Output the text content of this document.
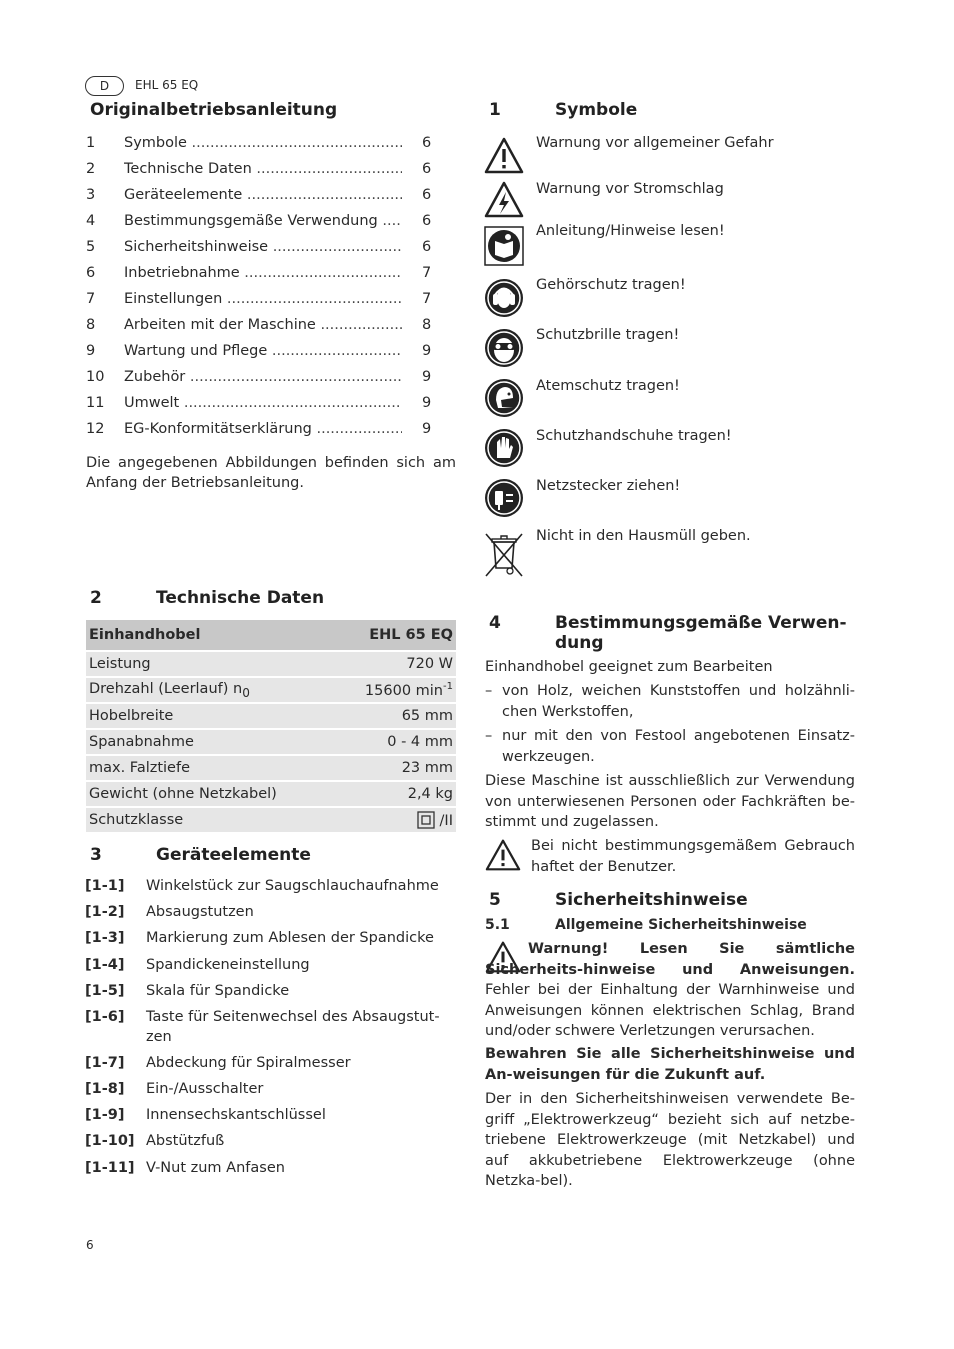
D	EHL 65 EQ
Originalbetriebsanleitung
1 Symbole .....	6
2 Technische Daten .....	6
3 Geräteelemente .....	6
4 Bestimmungsgemäße Verwendung .....	6
5 Sicherheitshinweise .....	6
6 Inbetriebnahme .....	7
7 Einstellungen .....	7
8 Arbeiten mit der Maschine .....	8
9 Wartung und Pflege .....	9
10 Zubehör .....	9
11 Umwelt .....	9
12 EG-Konformitätserklärung .....	9
Die angegebenen Abbildungen befinden sich am Anfang der Betriebsanleitung.
2	Technische Daten
Einhandhobel	EHL 65 EQ
Leistung	720 W
Drehzahl (Leerlauf) $n_0$	15600 $\min^{-1}$
Hobelbreite	65 mm
Spanabnahme	0 - 4 mm
max. Falztiefe	23 mm
Gewicht (ohne Netzkabel)	2,4 kg
Schutzklasse	/II
3	Geräteelemente
[1-1] Winkelstück zur Saugschlauchaufnahme
[1-2] Absaugstutzen
[1-3] Markierung zum Ablesen der Spandicke
[1-4] Spandickeneinstellung
[1-5] Skala für Spandicke
[1-6] Taste für Seitenwechsel des Absaugstut-zen
[1-7] Abdeckung für Spiralmesser
[1-8] Ein-/Ausschalter
[1-9] Innensechskantschlüssel
[1-10] Abstützfuß
[1-11] V-Nut zum Anfasen
1	Symbole
Warnung vor allgemeiner Gefahr
Warnung vor Stromschlag
Anleitung/Hinweise lesen!
Gehörschutz tragen!
Schutzbrille tragen!
Atemschutz tragen!
Schutzhandschuhe tragen!
Netzstecker ziehen!
Nicht in den Hausmüll geben.
4	Bestimmungsgemäße Verwen-
dung
Einhandhobel geeignet zum Bearbeiten
– von Holz, weichen Kunststoffen und holzähnli-chen Werkstoffen,
– nur mit den von Festool angebotenen Einsatz-werkzeugen.
Diese Maschine ist ausschließlich zur Verwendung von unterwiesenen Personen oder Fachkräften be-stimmt und zugelassen.
Bei nicht bestimmungsgemäßem Gebrauch haftet der Benutzer.
5	Sicherheitshinweise
5.1	Allgemeine Sicherheitshinweise
Warnung! Lesen Sie sämtliche Sicherheits-hinweise und Anweisungen. Fehler bei der Einhaltung der Warnhinweise und Anweisungen können elektrischen Schlag, Brand und/oder schwere Verletzungen verursachen.
Bewahren Sie alle Sicherheitshinweise und An-weisungen für die Zukunft auf.
Der in den Sicherheitshinweisen verwendete Be-griff „Elektrowerkzeug“ bezieht sich auf netzbe-triebene Elektrowerkzeuge (mit Netzkabel) und auf akkubetriebene Elektrowerkzeuge (ohne Netzka-bel).
6
